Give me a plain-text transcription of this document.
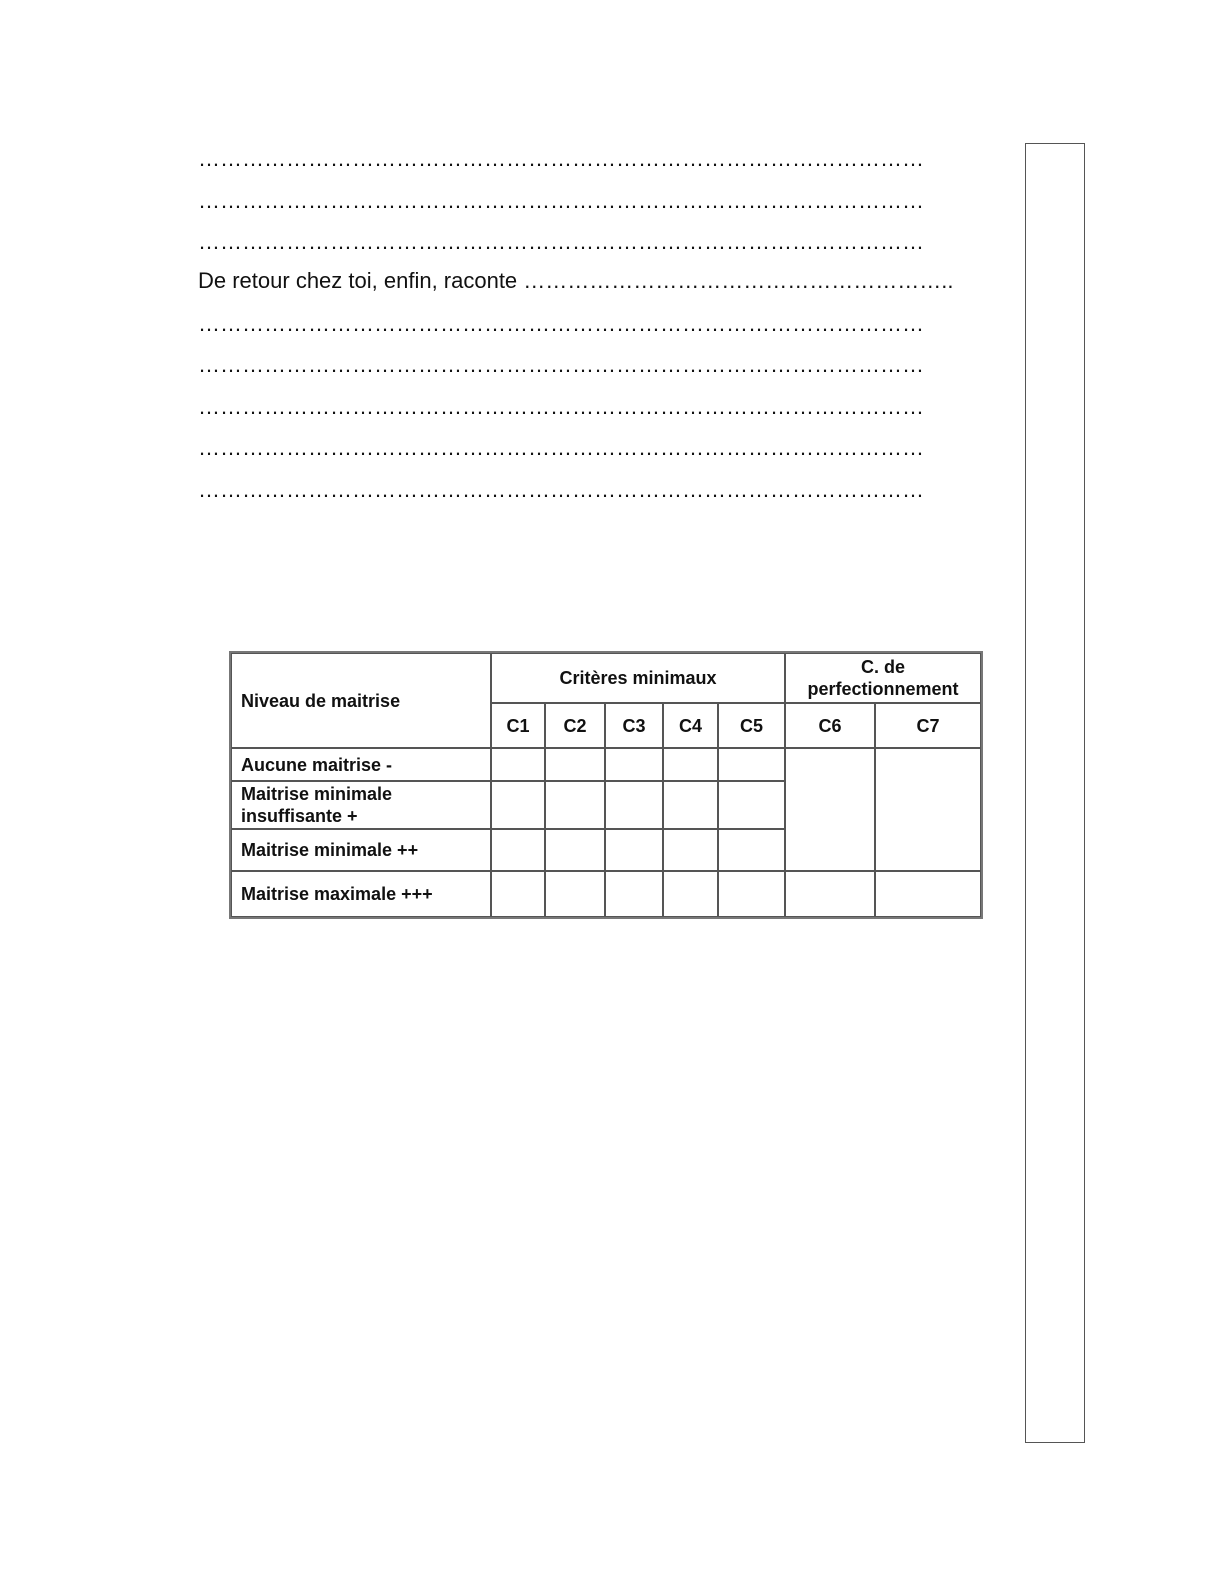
………………………………………………………………………………………
………………………………………………………………………………………
………………………………………………………………………………………
De retour chez toi, enfin, raconte …………………………………………………..
………………………………………………………………………………………
………………………………………………………………………………………
………………………………………………………………………………………
………………………………………………………………………………………
………………………………………………………………………………………
Niveau de maitrise	Critères minimaux					C. de perfectionnement	
	C1	C2	C3	C4	C5	C6	C7
Aucune maitrise -							
Maitrise minimale insuffisante +							
Maitrise minimale ++							
Maitrise maximale +++							
